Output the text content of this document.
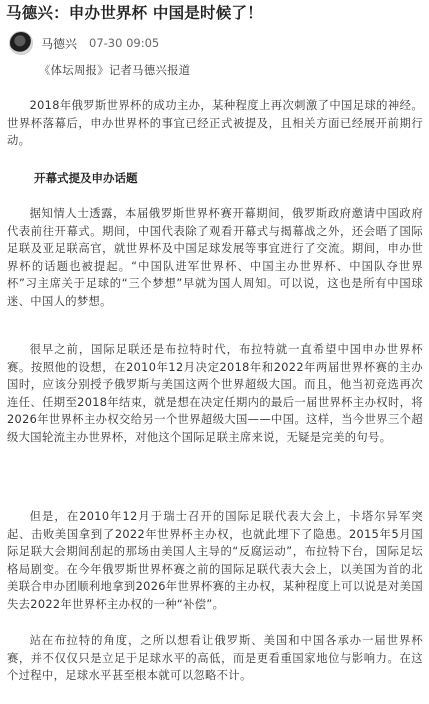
马德兴：申办世界杯 中国是时候了！
马德兴 07-30 09:05

《体坛周报》记者马德兴报道

2018年俄罗斯世界杯的成功主办，某种程度上再次刺激了中国足球的神经。世界杯落幕后，申办世界杯的事宜已经正式被提及，且相关方面已经展开前期行动。

开幕式提及申办话题

据知情人士透露，本届俄罗斯世界杯赛开幕期间，俄罗斯政府邀请中国政府代表前往开幕式。期间，中国代表除了观看开幕式与揭幕战之外，还会晤了国际足联及亚足联高官，就世界杯及中国足球发展等事宜进行了交流。期间，申办世界杯的话题也被提起。“中国队进军世界杯、中国主办世界杯、中国队夺世界杯”习主席关于足球的“三个梦想”早就为国人周知。可以说，这也是所有中国球迷、中国人的梦想。

很早之前，国际足联还是布拉特时代，布拉特就一直希望中国申办世界杯赛。按照他的设想，在2010年12月决定2018年和2022年两届世界杯赛的主办国时，应该分别授予俄罗斯与美国这两个世界超级大国。而且，他当初竞选再次连任、任期至2018年结束，就是想在决定任期内的最后一届世界杯主办权时，将2026年世界杯主办权交给另一个世界超级大国——中国。这样，当今世界三个超级大国轮流主办世界杯，对他这个国际足联主席来说，无疑是完美的句号。

但是，在2010年12月于瑞士召开的国际足联代表大会上，卡塔尔异军突起、击败美国拿到了2022年世界杯主办权，也就此埋下了隐患。2015年5月国际足联大会期间刮起的那场由美国人主导的“反腐运动”，布拉特下台，国际足坛格局剧变。在今年俄罗斯世界杯赛之前的国际足联代表大会上，以美国为首的北美联合申办团顺利地拿到2026年世界杯赛的主办权，某种程度上可以说是对美国失去2022年世界杯主办权的一种“补偿”。

站在布拉特的角度，之所以想看让俄罗斯、美国和中国各承办一届世界杯赛，并不仅仅只是立足于足球水平的高低，而是更看重国家地位与影响力。在这个过程中，足球水平甚至根本就可以忽略不计。
